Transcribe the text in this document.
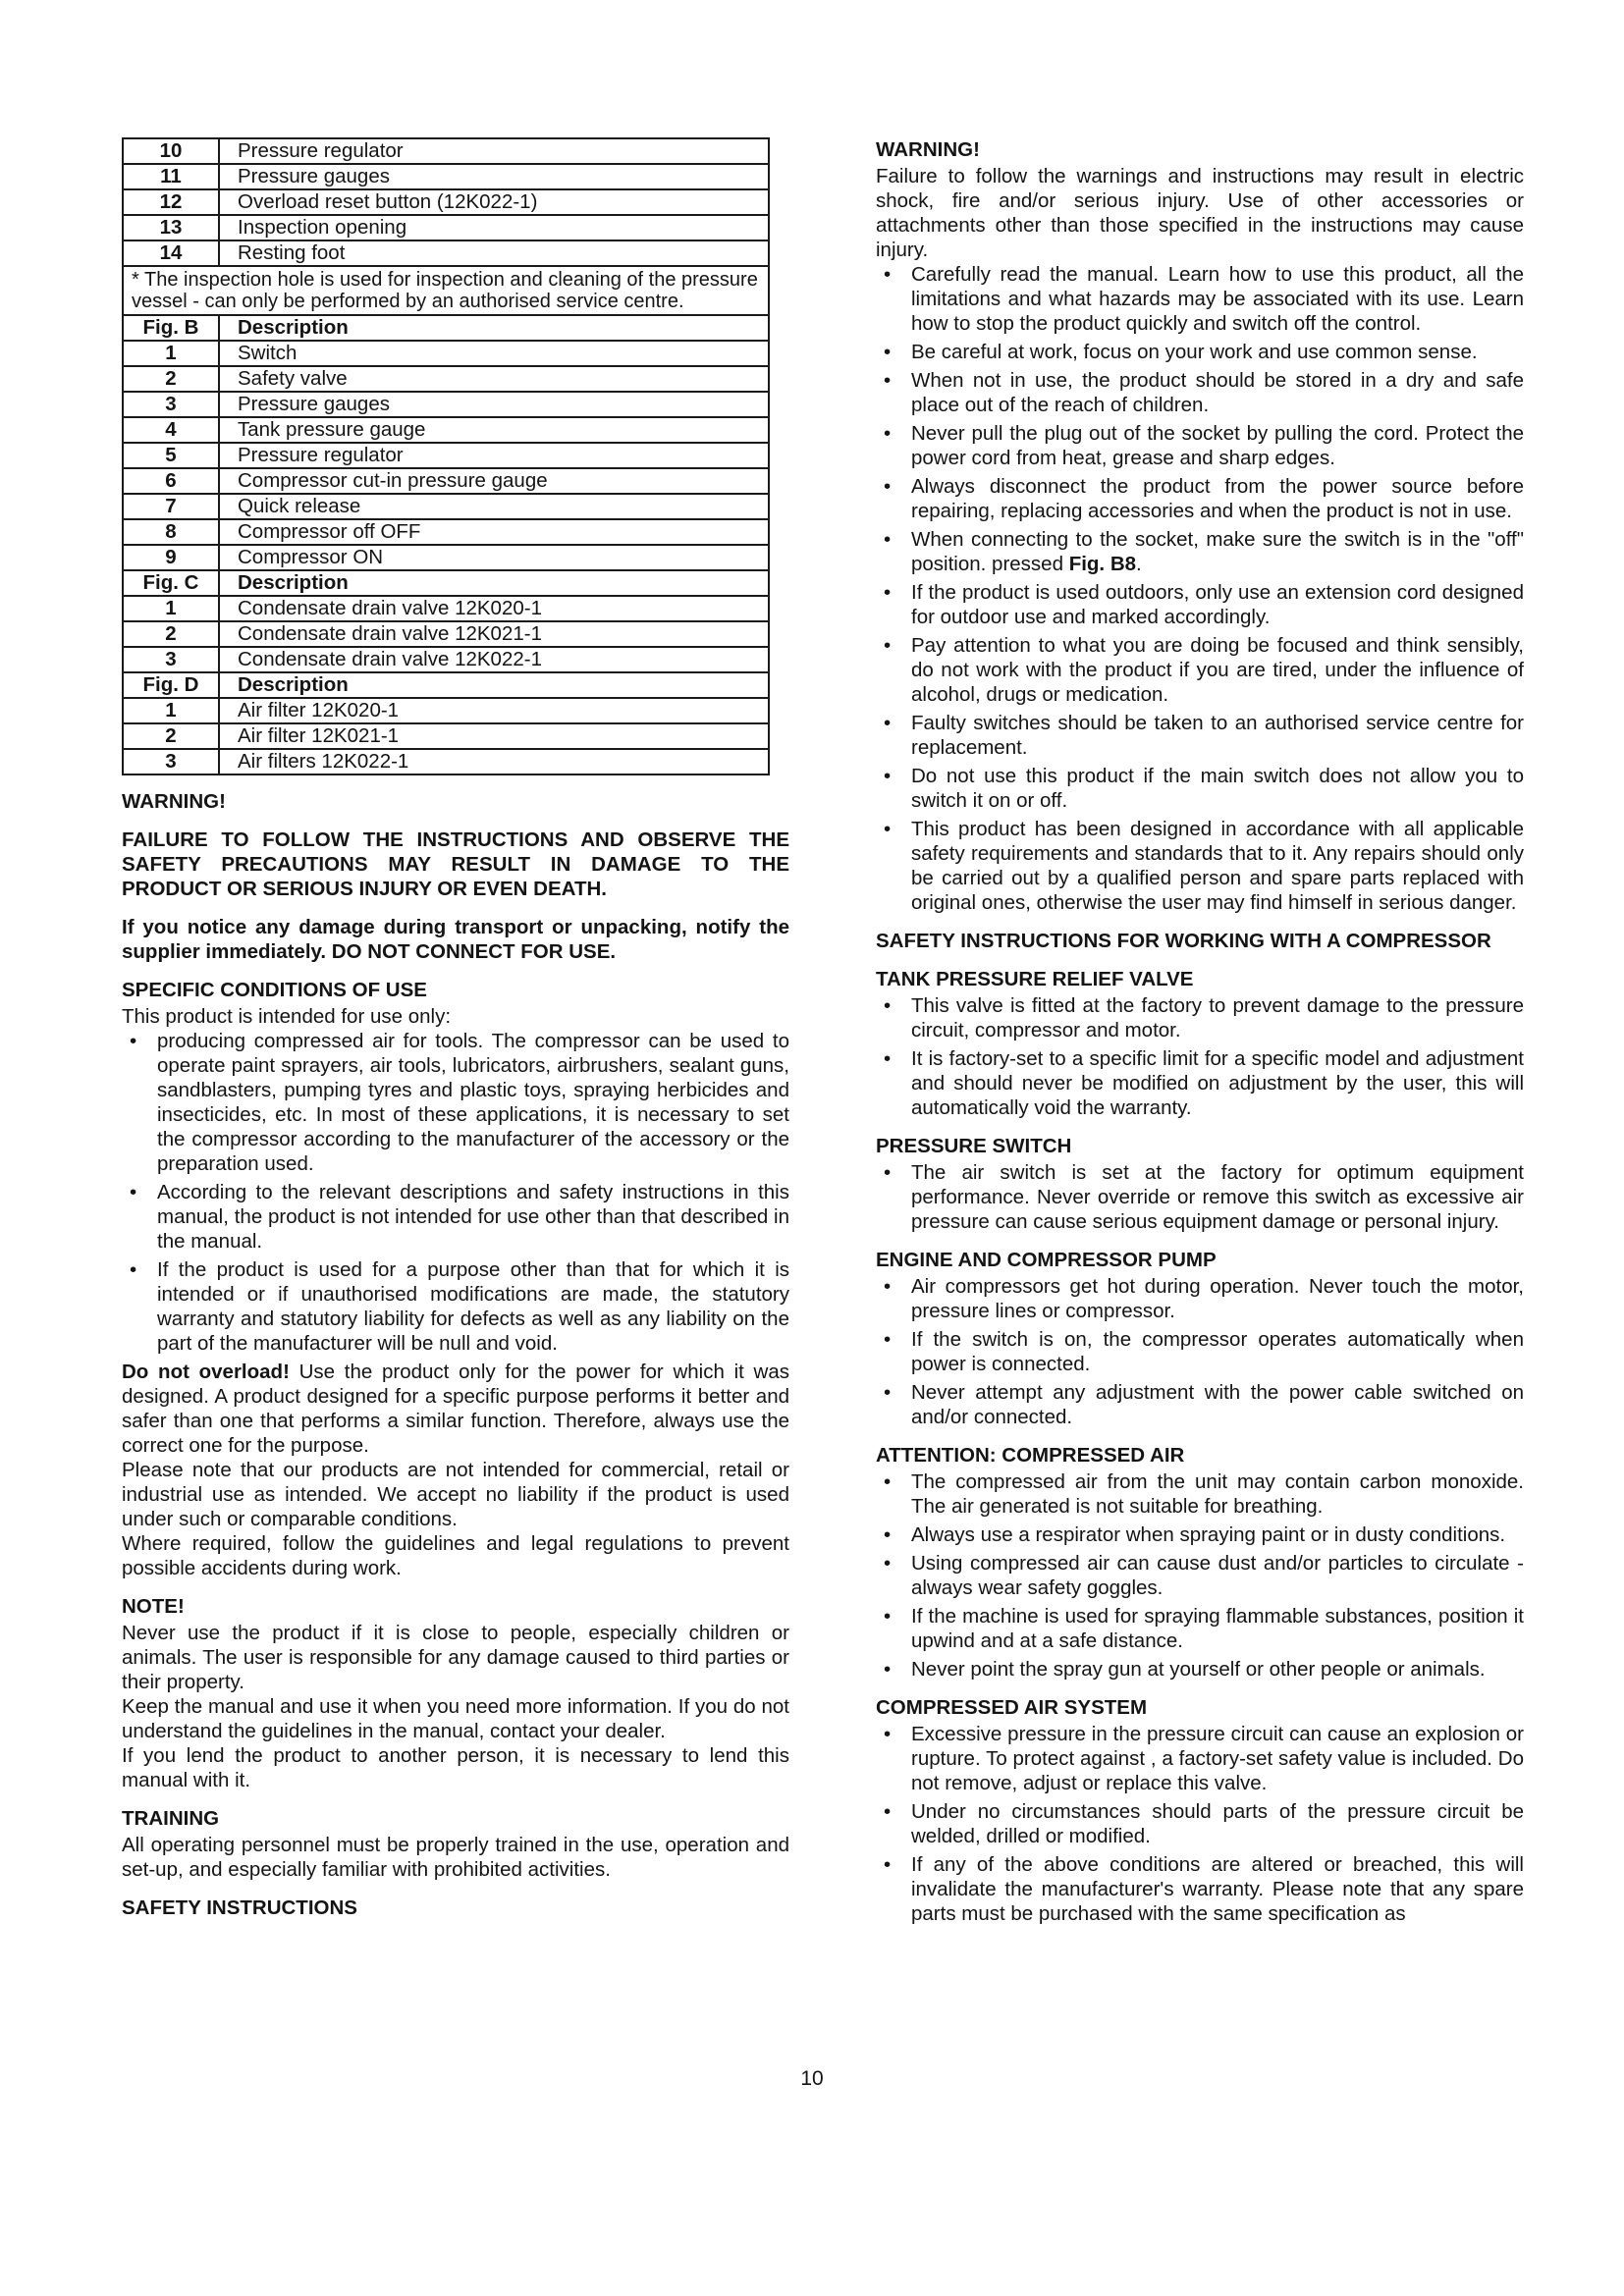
10	Pressure regulator
11	Pressure gauges
12	Overload reset button (12K022-1)
13	Inspection opening
14	Resting foot
* The inspection hole is used for inspection and cleaning of the pressure vessel - can only be performed by an authorised service centre.	
Fig. B	Description
1	Switch
2	Safety valve
3	Pressure gauges
4	Tank pressure gauge
5	Pressure regulator
6	Compressor cut-in pressure gauge
7	Quick release
8	Compressor off OFF
9	Compressor ON
Fig. C	Description
1	Condensate drain valve 12K020-1
2	Condensate drain valve 12K021-1
3	Condensate drain valve 12K022-1
Fig. D	Description
1	Air filter 12K020-1
2	Air filter 12K021-1
3	Air filters 12K022-1
WARNING!

FAILURE TO FOLLOW THE INSTRUCTIONS AND OBSERVE THE SAFETY PRECAUTIONS MAY RESULT IN DAMAGE TO THE PRODUCT OR SERIOUS INJURY OR EVEN DEATH.

If you notice any damage during transport or unpacking, notify the supplier immediately. DO NOT CONNECT FOR USE.

SPECIFIC CONDITIONS OF USE

This product is intended for use only:

• producing compressed air for tools. The compressor can be used to operate paint sprayers, air tools, lubricators, airbrushers, sealant guns, sandblasters, pumping tyres and plastic toys, spraying herbicides and insecticides, etc. In most of these applications, it is necessary to set the compressor according to the manufacturer of the accessory or the preparation used.
• According to the relevant descriptions and safety instructions in this manual, the product is not intended for use other than that described in the manual.
• If the product is used for a purpose other than that for which it is intended or if unauthorised modifications are made, the statutory warranty and statutory liability for defects as well as any liability on the part of the manufacturer will be null and void.

Do not overload! Use the product only for the power for which it was designed. A product designed for a specific purpose performs it better and safer than one that performs a similar function. Therefore, always use the correct one for the purpose.

Please note that our products are not intended for commercial, retail or industrial use as intended. We accept no liability if the product is used under such or comparable conditions.

Where required, follow the guidelines and legal regulations to prevent possible accidents during work.

NOTE!

Never use the product if it is close to people, especially children or animals. The user is responsible for any damage caused to third parties or their property.

Keep the manual and use it when you need more information. If you do not understand the guidelines in the manual, contact your dealer.

If you lend the product to another person, it is necessary to lend this manual with it.

TRAINING

All operating personnel must be properly trained in the use, operation and set-up, and especially familiar with prohibited activities.

SAFETY INSTRUCTIONS
WARNING!

Failure to follow the warnings and instructions may result in electric shock, fire and/or serious injury. Use of other accessories or attachments other than those specified in the instructions may cause injury.

• Carefully read the manual. Learn how to use this product, all the limitations and what hazards may be associated with its use. Learn how to stop the product quickly and switch off the control.
• Be careful at work, focus on your work and use common sense.
• When not in use, the product should be stored in a dry and safe place out of the reach of children.
• Never pull the plug out of the socket by pulling the cord. Protect the power cord from heat, grease and sharp edges.
• Always disconnect the product from the power source before repairing, replacing accessories and when the product is not in use.
• When connecting to the socket, make sure the switch is in the "off" position. pressed Fig. B8.
• If the product is used outdoors, only use an extension cord designed for outdoor use and marked accordingly.
• Pay attention to what you are doing be focused and think sensibly, do not work with the product if you are tired, under the influence of alcohol, drugs or medication.
• Faulty switches should be taken to an authorised service centre for replacement.
• Do not use this product if the main switch does not allow you to switch it on or off.
• This product has been designed in accordance with all applicable safety requirements and standards that to it. Any repairs should only be carried out by a qualified person and spare parts replaced with original ones, otherwise the user may find himself in serious danger.
SAFETY INSTRUCTIONS FOR WORKING WITH A COMPRESSOR
TANK PRESSURE RELIEF VALVE
• This valve is fitted at the factory to prevent damage to the pressure circuit, compressor and motor.
• It is factory-set to a specific limit for a specific model and adjustment and should never be modified on adjustment by the user, this will automatically void the warranty.
PRESSURE SWITCH
• The air switch is set at the factory for optimum equipment performance. Never override or remove this switch as excessive air pressure can cause serious equipment damage or personal injury.
ENGINE AND COMPRESSOR PUMP
• Air compressors get hot during operation. Never touch the motor, pressure lines or compressor.
• If the switch is on, the compressor operates automatically when power is connected.
• Never attempt any adjustment with the power cable switched on and/or connected.
ATTENTION: COMPRESSED AIR
• The compressed air from the unit may contain carbon monoxide. The air generated is not suitable for breathing.
• Always use a respirator when spraying paint or in dusty conditions.
• Using compressed air can cause dust and/or particles to circulate - always wear safety goggles.
• If the machine is used for spraying flammable substances, position it upwind and at a safe distance.
• Never point the spray gun at yourself or other people or animals.
COMPRESSED AIR SYSTEM
• Excessive pressure in the pressure circuit can cause an explosion or rupture. To protect against , a factory-set safety value is included. Do not remove, adjust or replace this valve.
• Under no circumstances should parts of the pressure circuit be welded, drilled or modified.
• If any of the above conditions are altered or breached, this will invalidate the manufacturer's warranty. Please note that any spare parts must be purchased with the same specification as
10
